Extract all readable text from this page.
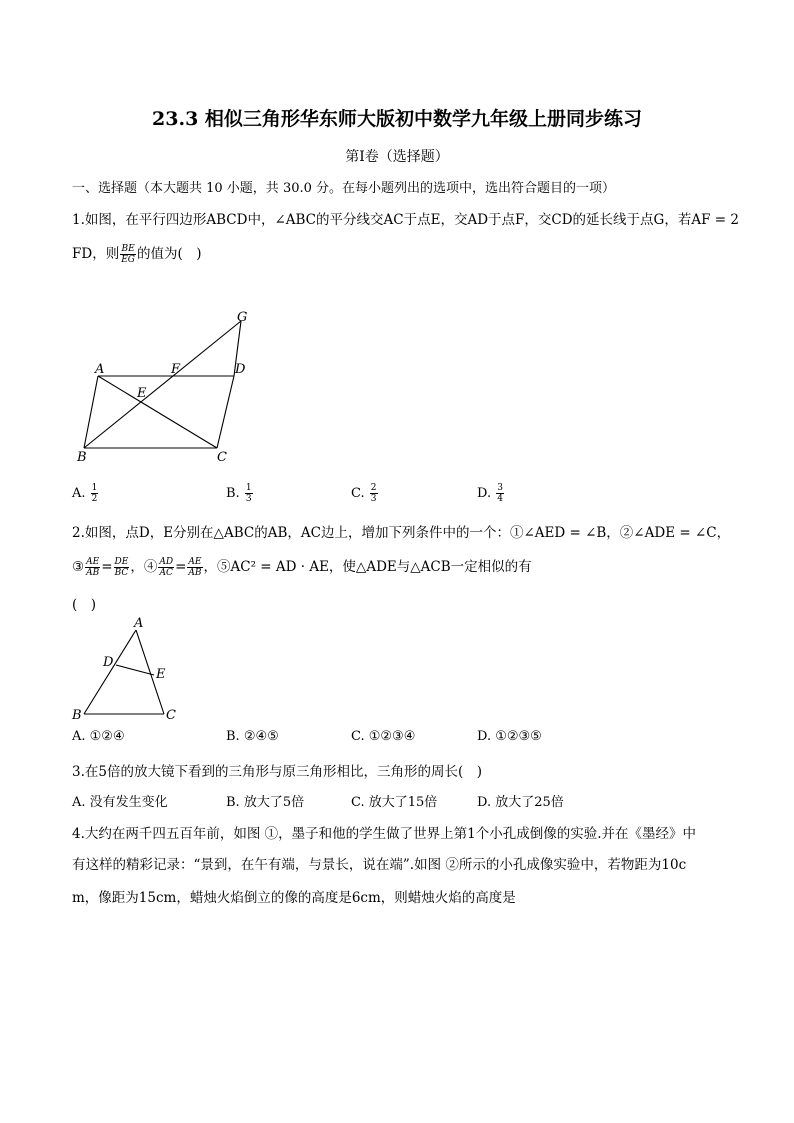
23.3 相似三角形华东师大版初中数学九年级上册同步练习
第I卷（选择题）
一、选择题（本大题共 10 小题，共 30.0 分。在每小题列出的选项中，选出符合题目的一项）
1.如图，在平行四边形ABCD中，∠ABC的平分线交AC于点E，交AD于点F，交CD的延长线于点G，若AF = 2
FD，则 $\frac{BE}{EG}$ 的值为(　)
A	F	D
G
E
B	C
A. $\frac{1}{2}$	B. $\frac{1}{3}$	C. $\frac{2}{3}$	D. $\frac{3}{4}$
2.如图，点D，E分别在△ABC的AB，AC边上，增加下列条件中的一个：①∠AED = ∠B，②∠ADE = ∠C，
③ $\frac{AE}{AB} = \frac{DE}{BC}$ ，④ $\frac{AD}{AC} = \frac{AE}{AB}$ ，⑤AC² = AD · AE，使△ADE与△ACB一定相似的有
(　)
A
D
E
B	C
A. ①②④	B. ②④⑤	C. ①②③④	D. ①②③⑤
3.在5倍的放大镜下看到的三角形与原三角形相比，三角形的周长(　)
A. 没有发生变化	B. 放大了5倍	C. 放大了15倍	D. 放大了25倍
4.大约在两千四五百年前，如图 ①，墨子和他的学生做了世界上第1个小孔成倒像的实验.并在《墨经》中
有这样的精彩记录：“景到，在午有端，与景长，说在端”.如图 ②所示的小孔成像实验中，若物距为10c
m，像距为15cm，蜡烛火焰倒立的像的高度是6cm，则蜡烛火焰的高度是
